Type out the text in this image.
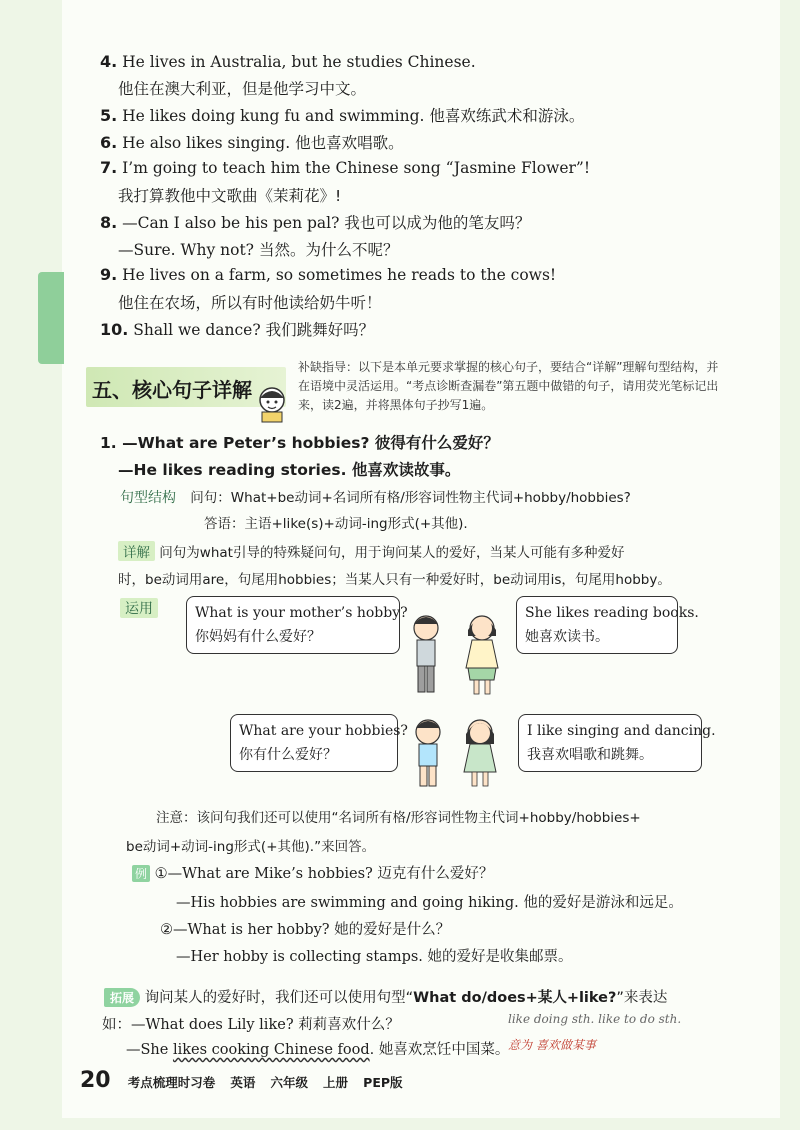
4. He lives in Australia, but he studies Chinese.
他住在澳大利亚，但是他学习中文。
5. He likes doing kung fu and swimming. 他喜欢练武术和游泳。
6. He also likes singing. 他也喜欢唱歌。
7. I’m going to teach him the Chinese song “Jasmine Flower”!
我打算教他中文歌曲《茉莉花》!
8. —Can I also be his pen pal? 我也可以成为他的笔友吗？
—Sure. Why not? 当然。为什么不呢？
9. He lives on a farm, so sometimes he reads to the cows!
他住在农场，所以有时他读给奶牛听！
10. Shall we dance? 我们跳舞好吗？
五、核心句子详解
补缺指导：以下是本单元要求掌握的核心句子，要结合“详解”理解句型结构，并在语境中灵活运用。“考点诊断查漏卷”第五题中做错的句子，请用荧光笔标记出来，读2遍，并将黑体句子抄写1遍。
1. —What are Peter’s hobbies? 彼得有什么爱好？
—He likes reading stories. 他喜欢读故事。
句型结构 问句：What+be动词+名词所有格/形容词性物主代词+hobby/hobbies?
答语：主语+like(s)+动词-ing形式(+其他).
详解 问句为what引导的特殊疑问句，用于询问某人的爱好，当某人可能有多种爱好
时，be动词用are，句尾用hobbies；当某人只有一种爱好时，be动词用is，句尾用hobby。
运用	What is your mother’s hobby?
你妈妈有什么爱好？
She likes reading books.
她喜欢读书。
What are your hobbies?
你有什么爱好？
I like singing and dancing.
我喜欢唱歌和跳舞。
注意：该问句我们还可以使用“名词所有格/形容词性物主代词+hobby/hobbies+
be动词+动词-ing形式(+其他).”来回答。
例 ①—What are Mike’s hobbies? 迈克有什么爱好？
—His hobbies are swimming and going hiking. 他的爱好是游泳和远足。
②—What is her hobby? 她的爱好是什么？
—Her hobby is collecting stamps. 她的爱好是收集邮票。
拓展 询问某人的爱好时，我们还可以使用句型“What do/does+某人+like?”来表达
如：—What does Lily like? 莉莉喜欢什么？	like doing sth. like to do sth.
—She likes cooking Chinese food. 她喜欢烹饪中国菜。
意为 喜欢做某事
20 考点梳理时习卷 英语 六年级 上册 PEP版
